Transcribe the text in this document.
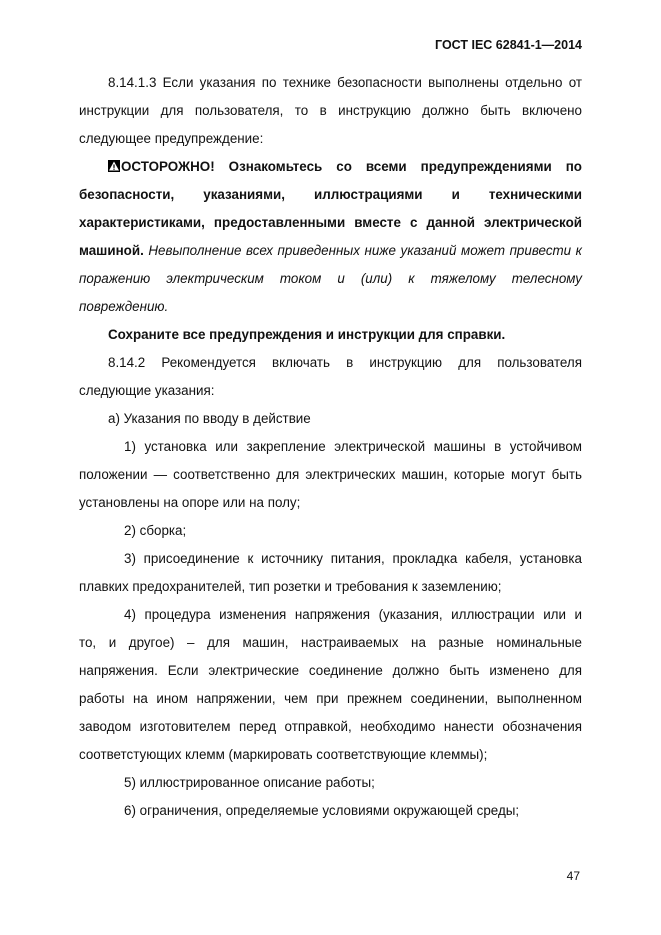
ГОСТ IEC 62841-1—2014
8.14.1.3 Если указания по технике безопасности выполнены отдельно от
инструкции для пользователя, то в инструкцию должно быть включено
следующее предупреждение:
ОСТОРОЖНО! Ознакомьтесь со всеми предупреждениями по
безопасности, указаниями, иллюстрациями и техническими
характеристиками, предоставленными вместе с данной электрической
машиной. Невыполнение всех приведенных ниже указаний может привести к
поражению электрическим током и (или) к тяжелому телесному
повреждению.
Сохраните все предупреждения и инструкции для справки.
8.14.2 Рекомендуется включать в инструкцию для пользователя
следующие указания:
а) Указания по вводу в действие
1) установка или закрепление электрической машины в устойчивом
положении — соответственно для электрических машин, которые могут быть
установлены на опоре или на полу;
2) сборка;
3) присоединение к источнику питания, прокладка кабеля, установка
плавких предохранителей, тип розетки и требования к заземлению;
4) процедура изменения напряжения (указания, иллюстрации или и
то, и другое) – для машин, настраиваемых на разные номинальные
напряжения. Если электрические соединение должно быть изменено для
работы на ином напряжении, чем при прежнем соединении, выполненном
заводом изготовителем перед отправкой, необходимо нанести обозначения
соответстующих клемм (маркировать соответствующие клеммы);
5) иллюстрированное описание работы;
6) ограничения, определяемые условиями окружающей среды;
47
